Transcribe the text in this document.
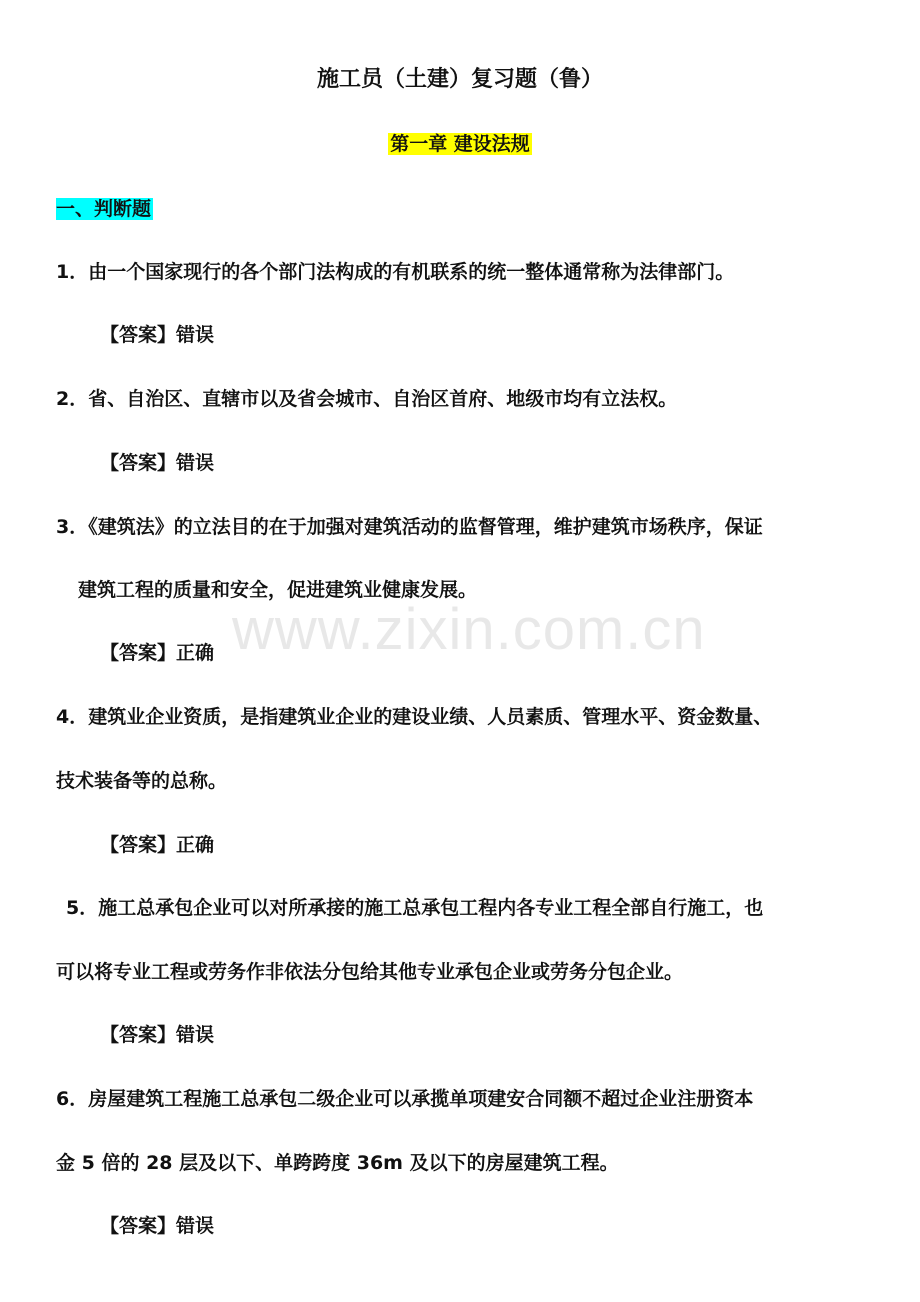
施工员（土建）复习题（鲁）
第一章 建设法规
一、判断题
1．由一个国家现行的各个部门法构成的有机联系的统一整体通常称为法律部门。
【答案】错误
2．省、自治区、直辖市以及省会城市、自治区首府、地级市均有立法权。
【答案】错误
3．《建筑法》的立法目的在于加强对建筑活动的监督管理，维护建筑市场秩序，保证
建筑工程的质量和安全，促进建筑业健康发展。
【答案】正确
4．建筑业企业资质，是指建筑业企业的建设业绩、人员素质、管理水平、资金数量、
技术装备等的总称。
【答案】正确
5．施工总承包企业可以对所承接的施工总承包工程内各专业工程全部自行施工，也
可以将专业工程或劳务作非依法分包给其他专业承包企业或劳务分包企业。
【答案】错误
6．房屋建筑工程施工总承包二级企业可以承揽单项建安合同额不超过企业注册资本
金 5 倍的 28 层及以下、单跨跨度 36m 及以下的房屋建筑工程。
【答案】错误
www.zixin.com.cn
